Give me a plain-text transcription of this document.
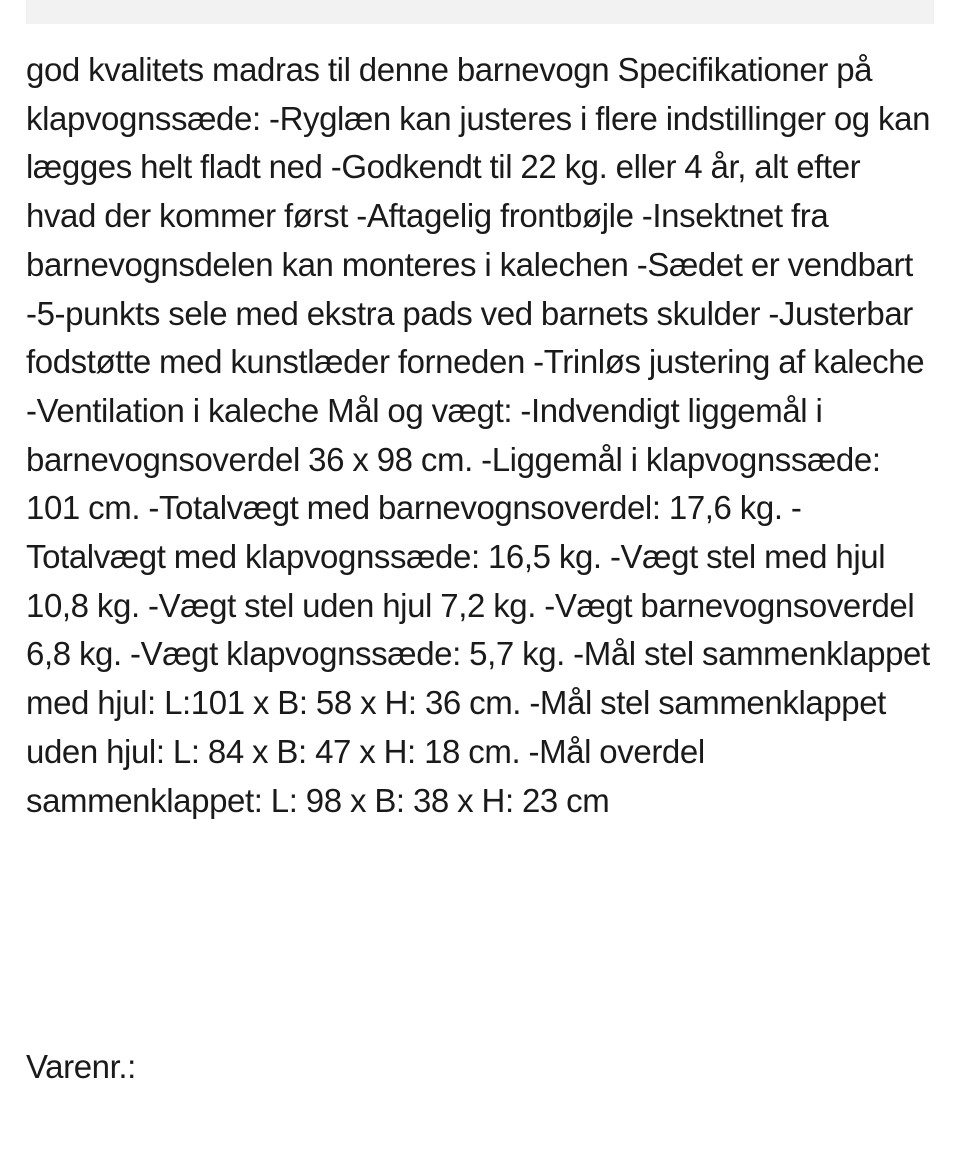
god kvalitets madras til denne barnevogn Specifikationer på klapvognssæde: -Ryglæn kan justeres i flere indstillinger og kan lægges helt fladt ned -Godkendt til 22 kg. eller 4 år, alt efter hvad der kommer først -Aftagelig frontbøjle -Insektnet fra barnevognsdelen kan monteres i kalechen -Sædet er vendbart -5-punkts sele med ekstra pads ved barnets skulder -Justerbar fodstøtte med kunstlæder forneden -Trinløs justering af kaleche -Ventilation i kaleche Mål og vægt: -Indvendigt liggemål i barnevognsoverdel 36 x 98 cm. -Liggemål i klapvognssæde: 101 cm. -Totalvægt med barnevognsoverdel: 17,6 kg. -Totalvægt med klapvognssæde: 16,5 kg. -Vægt stel med hjul 10,8 kg. -Vægt stel uden hjul 7,2 kg. -Vægt barnevognsoverdel 6,8 kg. -Vægt klapvognssæde: 5,7 kg. -Mål stel sammenklappet med hjul: L:101 x B: 58 x H: 36 cm. -Mål stel sammenklappet uden hjul: L: 84 x B: 47 x H: 18 cm. -Mål overdel sammenklappet: L: 98 x B: 38 x H: 23 cm

Varenr.:
